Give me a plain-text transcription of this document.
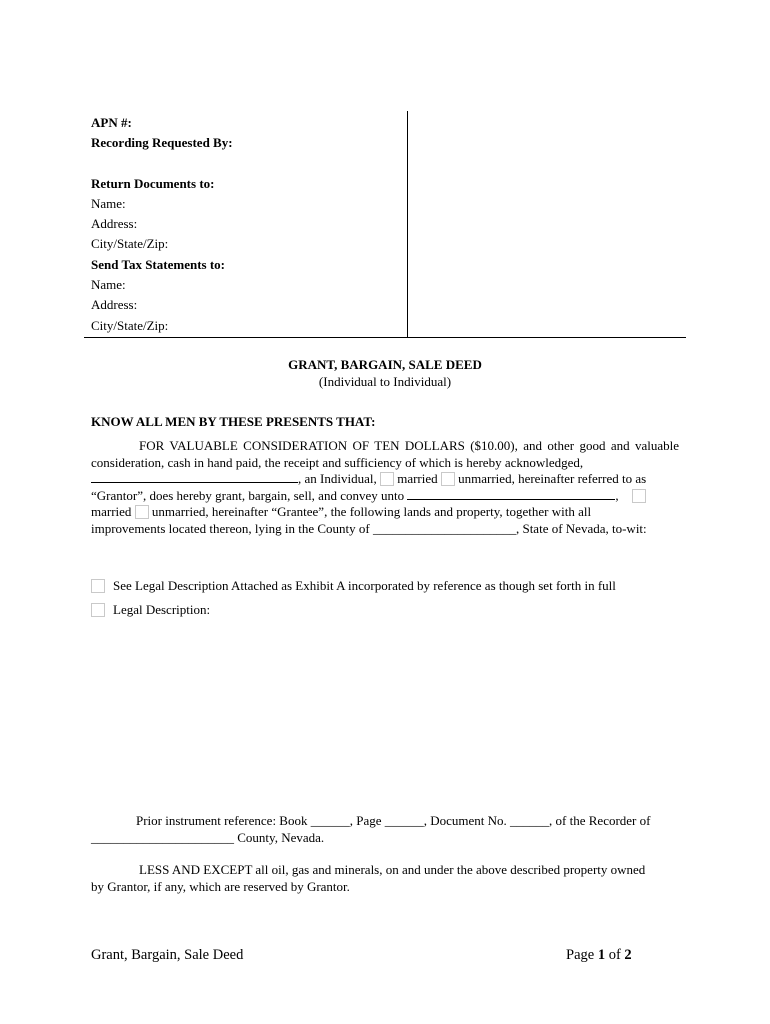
APN #:
Recording Requested By:
Return Documents to:
Name:
Address:
City/State/Zip:
Send Tax Statements to:
Name:
Address:
City/State/Zip:
GRANT, BARGAIN, SALE DEED
(Individual to Individual)
KNOW ALL MEN BY THESE PRESENTS THAT:

FOR VALUABLE CONSIDERATION OF TEN DOLLARS ($10.00), and other good and valuable consideration, cash in hand paid, the receipt and sufficiency of which is hereby acknowledged,

, an Individual, married unmarried, hereinafter referred to as

“Grantor”, does hereby grant, bargain, sell, and convey unto	,

married unmarried, hereinafter “Grantee”, the following lands and property, together with all

improvements located thereon, lying in the County of ______________________, State of Nevada, to-wit:

See Legal Description Attached as Exhibit A incorporated by reference as though set forth in full
Legal Description:
Prior instrument reference: Book ______, Page ______, Document No. ______, of the Recorder of
______________________ County, Nevada.
LESS AND EXCEPT all oil, gas and minerals, on and under the above described property owned
by Grantor, if any, which are reserved by Grantor.
Grant, Bargain, Sale Deed	Page 1 of 2
